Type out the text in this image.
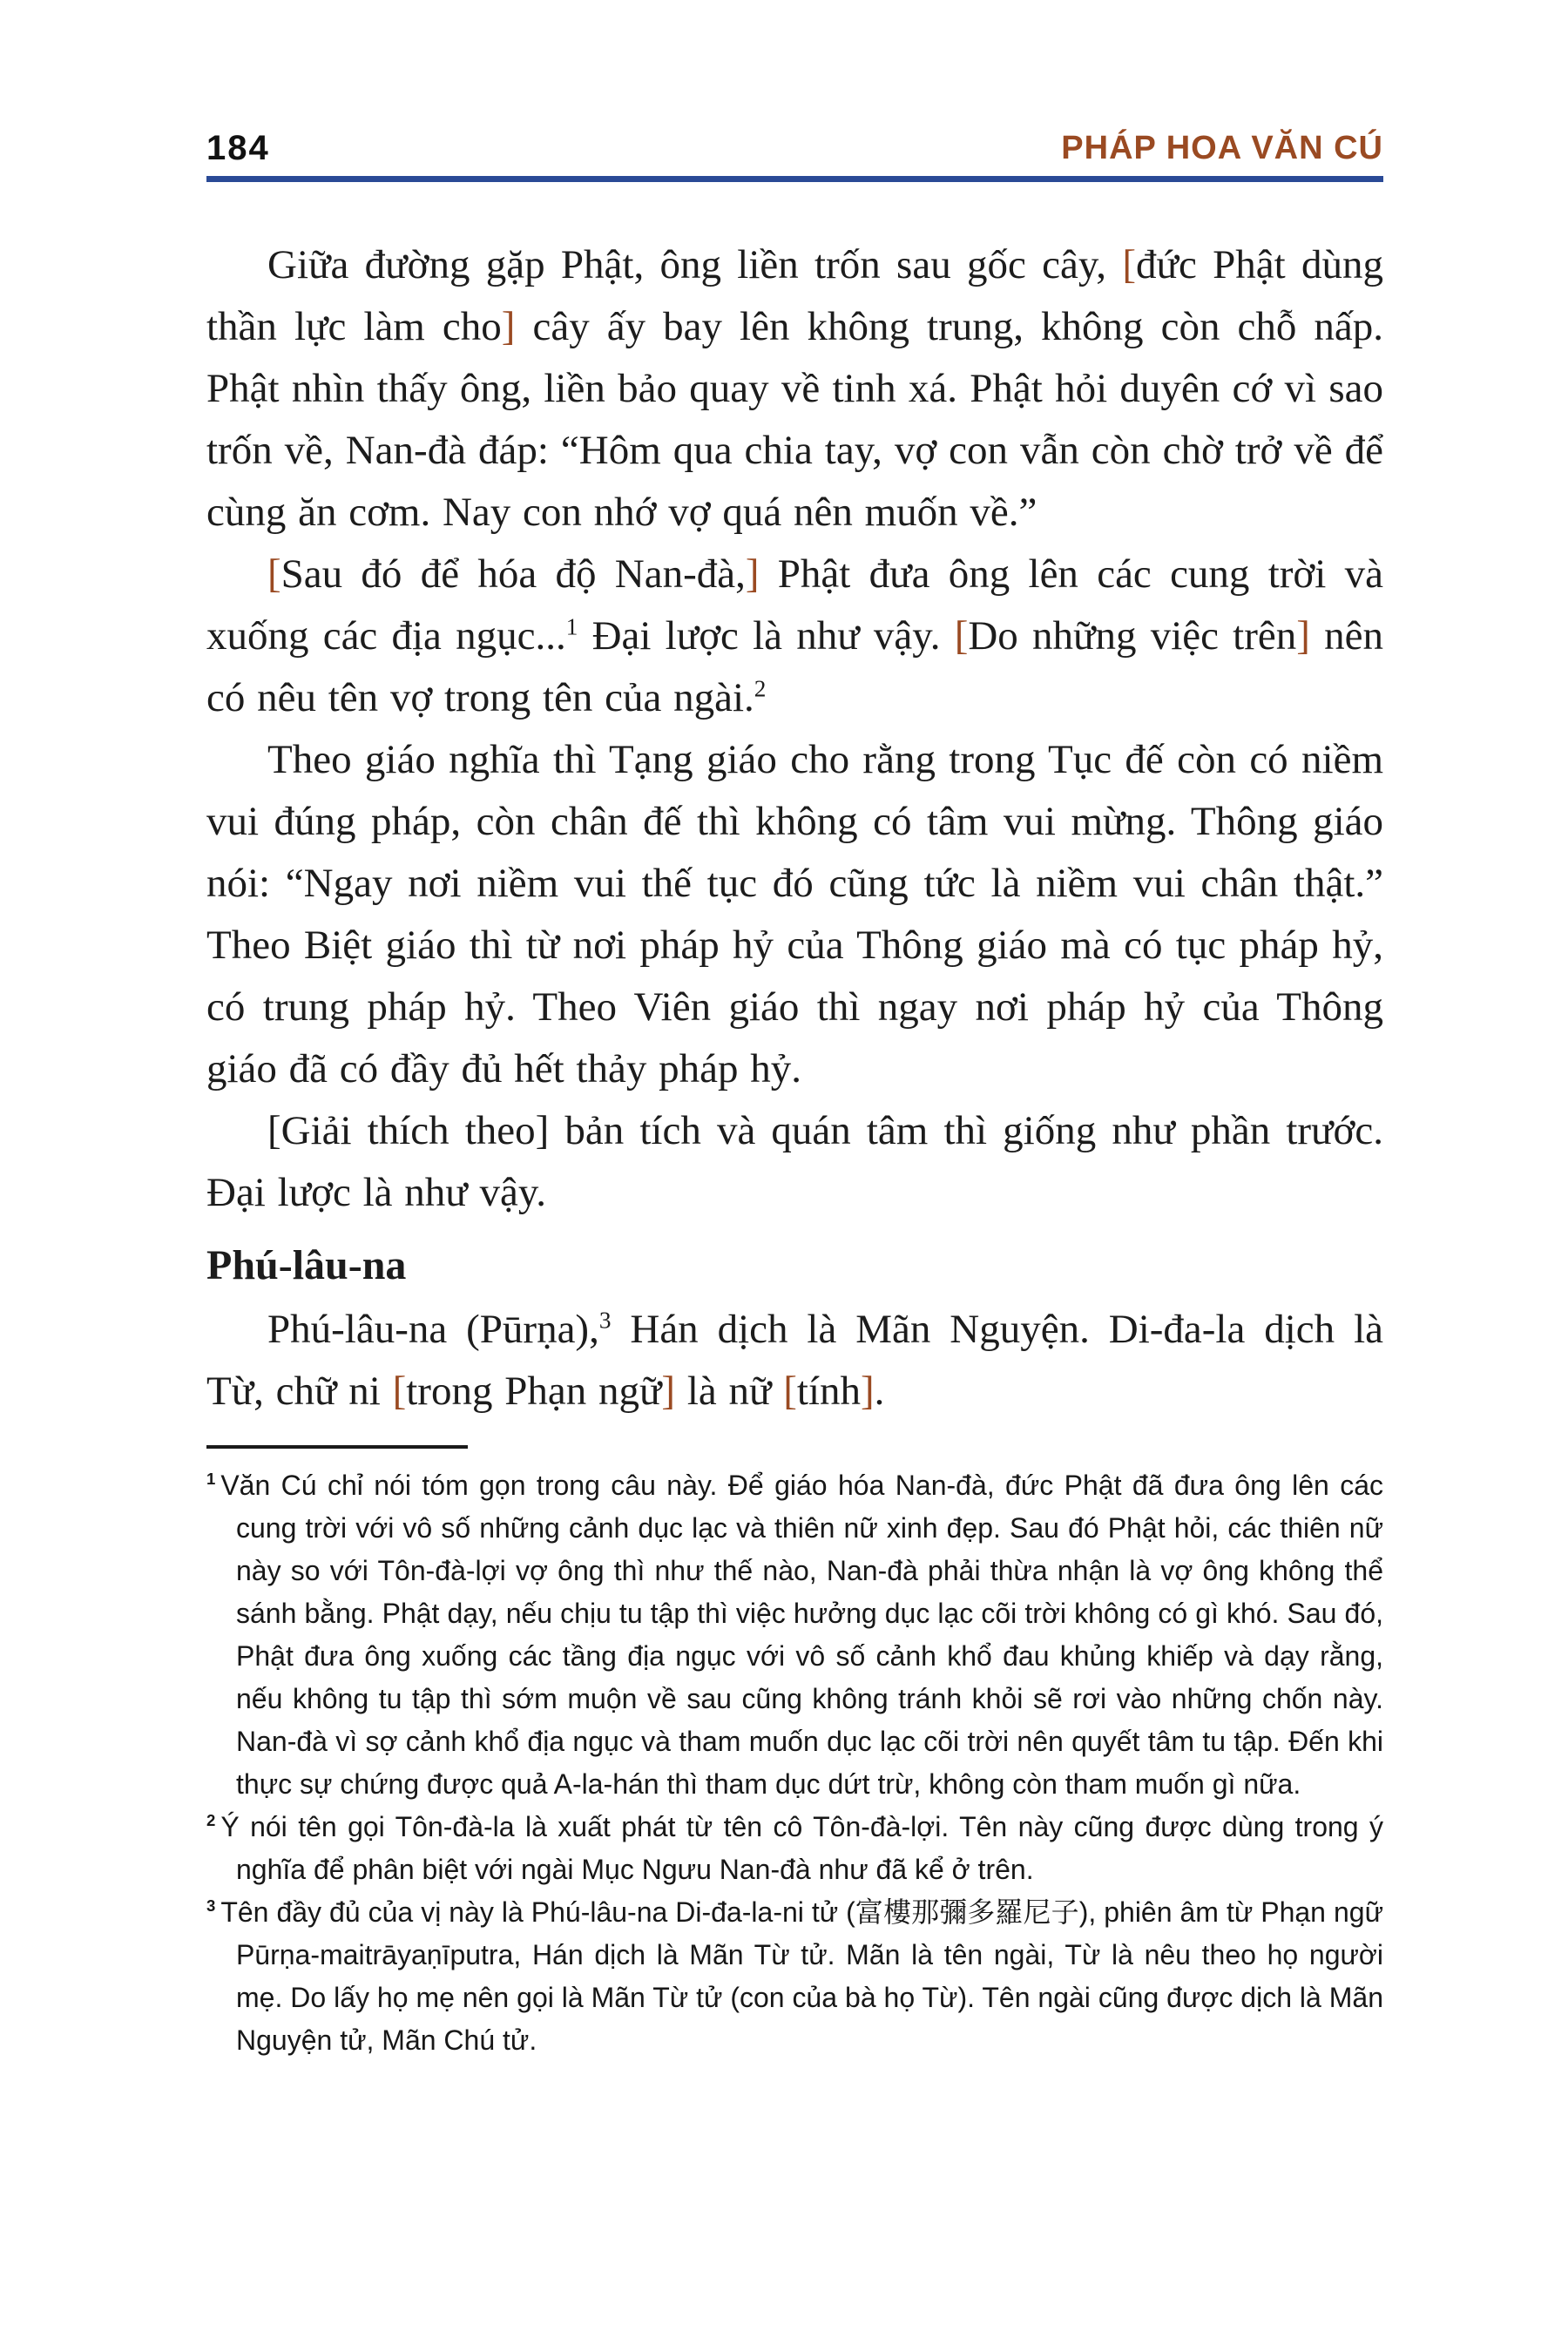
184	PHÁP HOA VĂN CÚ

Giữa đường gặp Phật, ông liền trốn sau gốc cây, [đức Phật dùng thần lực làm cho] cây ấy bay lên không trung, không còn chỗ nấp. Phật nhìn thấy ông, liền bảo quay về tinh xá. Phật hỏi duyên cớ vì sao trốn về, Nan-đà đáp: “Hôm qua chia tay, vợ con vẫn còn chờ trở về để cùng ăn cơm. Nay con nhớ vợ quá nên muốn về.”

[Sau đó để hóa độ Nan-đà,] Phật đưa ông lên các cung trời và xuống các địa ngục...$^1$ Đại lược là như vậy. [Do những việc trên] nên có nêu tên vợ trong tên của ngài.$^2$

Theo giáo nghĩa thì Tạng giáo cho rằng trong Tục đế còn có niềm vui đúng pháp, còn chân đế thì không có tâm vui mừng. Thông giáo nói: “Ngay nơi niềm vui thế tục đó cũng tức là niềm vui chân thật.” Theo Biệt giáo thì từ nơi pháp hỷ của Thông giáo mà có tục pháp hỷ, có trung pháp hỷ. Theo Viên giáo thì ngay nơi pháp hỷ của Thông giáo đã có đầy đủ hết thảy pháp hỷ.

[Giải thích theo] bản tích và quán tâm thì giống như phần trước. Đại lược là như vậy.

Phú-lâu-na

Phú-lâu-na (Pūrṇa),$^3$ Hán dịch là Mãn Nguyện. Di-đa-la dịch là Từ, chữ ni [trong Phạn ngữ] là nữ [tính].

$^1$ Văn Cú chỉ nói tóm gọn trong câu này. Để giáo hóa Nan-đà, đức Phật đã đưa ông lên các cung trời với vô số những cảnh dục lạc và thiên nữ xinh đẹp. Sau đó Phật hỏi, các thiên nữ này so với Tôn-đà-lợi vợ ông thì như thế nào, Nan-đà phải thừa nhận là vợ ông không thể sánh bằng. Phật dạy, nếu chịu tu tập thì việc hưởng dục lạc cõi trời không có gì khó. Sau đó, Phật đưa ông xuống các tầng địa ngục với vô số cảnh khổ đau khủng khiếp và dạy rằng, nếu không tu tập thì sớm muộn về sau cũng không tránh khỏi sẽ rơi vào những chốn này. Nan-đà vì sợ cảnh khổ địa ngục và tham muốn dục lạc cõi trời nên quyết tâm tu tập. Đến khi thực sự chứng được quả A-la-hán thì tham dục dứt trừ, không còn tham muốn gì nữa.
$^2$ Ý nói tên gọi Tôn-đà-la là xuất phát từ tên cô Tôn-đà-lợi. Tên này cũng được dùng trong ý nghĩa để phân biệt với ngài Mục Ngưu Nan-đà như đã kể ở trên.
$^3$ Tên đầy đủ của vị này là Phú-lâu-na Di-đa-la-ni tử (富樓那彌多羅尼子), phiên âm từ Phạn ngữ Pūrṇa-maitrāyaṇīputra, Hán dịch là Mãn Từ tử. Mãn là tên ngài, Từ là nêu theo họ người mẹ. Do lấy họ mẹ nên gọi là Mãn Từ tử (con của bà họ Từ). Tên ngài cũng được dịch là Mãn Nguyện tử, Mãn Chú tử.
